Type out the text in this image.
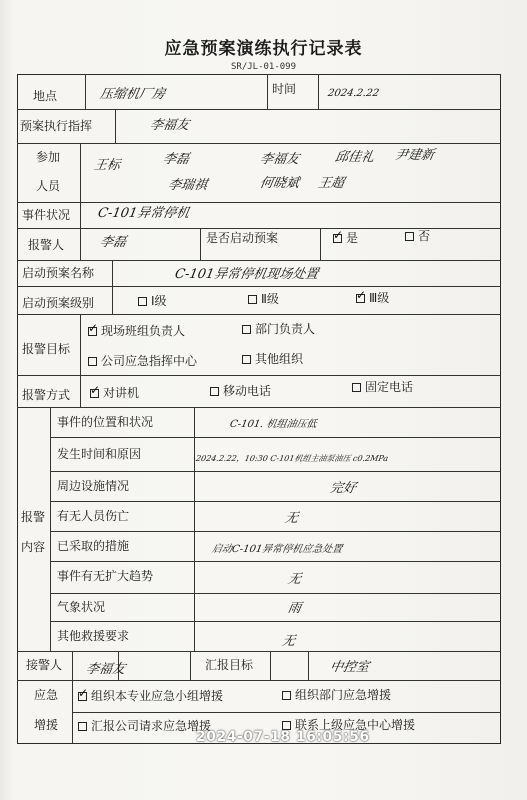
应急预案演练执行记录表
SR/JL-01-099
地点	压缩机厂房	时间	2024.2.22
预案执行指挥	李福友
参加
人员
王标	李磊	李福友	邱佳礼 尹建新
李瑞祺	何晓斌 王超
事件状况 C-101异常停机
报警人	李磊	是否启动预案	✓ 是	否
启动预案名称	C-101异常停机现场处置
启动预案级别	Ⅰ级	Ⅱ级	✓ Ⅲ级
报警目标
✓ 现场班组负责人	部门负责人
公司应急指挥中心	其他组织
报警方式 ✓ 对讲机	移动电话	固定电话
报警
内容
事件的位置和状况	C-101. 机组油压低
发生时间和原因	2024.2.22，10:30 C-101机组主油泵油压 c0.2MPa
周边设施情况	完好
有无人员伤亡	无
已采取的措施	启动C-101异常停机应急处置
事件有无扩大趋势	无
气象状况	雨
其他救援要求	无
接警人 李福友	汇报目标	中控室
应急
增援
✓ 组织本专业应急小组增援	组织部门应急增援
汇报公司请求应急增援	联系上级应急中心增援
2024-07-18 16:05:56
